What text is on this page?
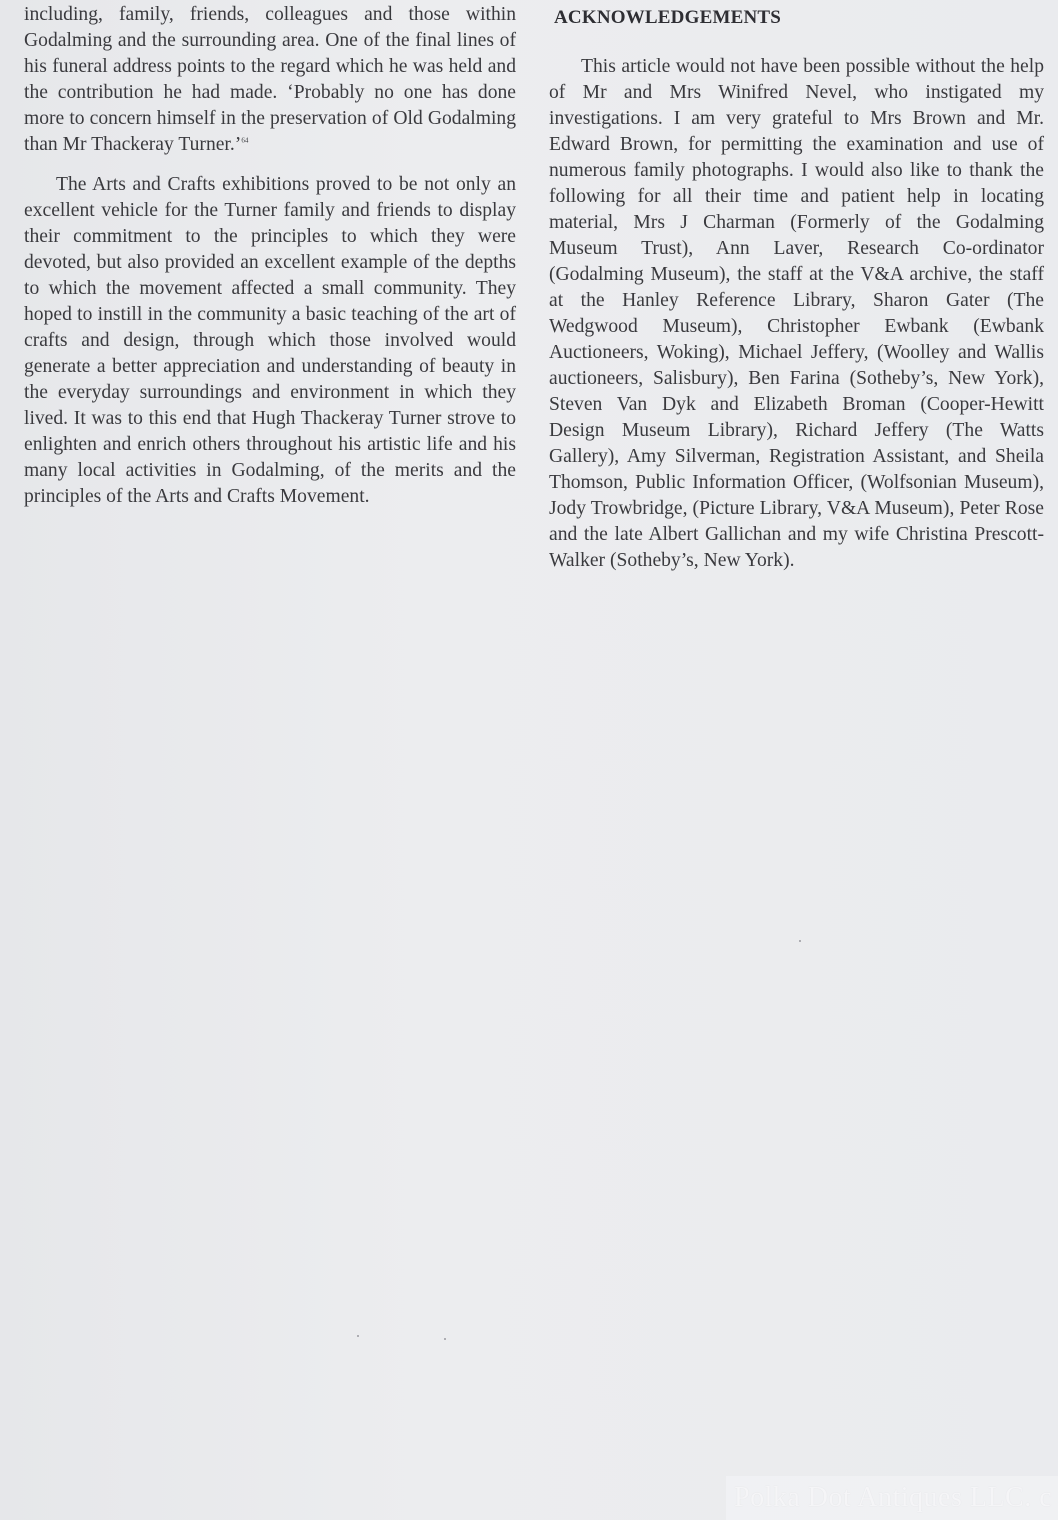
including, family, friends, colleagues and those within Godalming and the surrounding area. One of the final lines of his funeral address points to the regard which he was held and the contribution he had made. ‘Probably no one has done more to concern himself in the preservation of Old Godalming than Mr Thackeray Turner.’$^{64}$

The Arts and Crafts exhibitions proved to be not only an excellent vehicle for the Turner family and friends to display their commitment to the principles to which they were devoted, but also provided an excellent example of the depths to which the movement affected a small community. They hoped to instill in the community a basic teaching of the art of crafts and design, through which those involved would generate a better appreciation and understanding of beauty in the everyday surroundings and environment in which they lived. It was to this end that Hugh Thackeray Turner strove to enlighten and enrich others throughout his artistic life and his many local activities in Godalming, of the merits and the principles of the Arts and Crafts Movement.

ACKNOWLEDGEMENTS

This article would not have been possible without the help of Mr and Mrs Winifred Nevel, who instigated my investigations. I am very grateful to Mrs Brown and Mr. Edward Brown, for permitting the examination and use of numerous family photographs. I would also like to thank the following for all their time and patient help in locating material, Mrs J Charman (Formerly of the Godalming Museum Trust), Ann Laver, Research Co-ordinator (Godalming Museum), the staff at the V&A archive, the staff at the Hanley Reference Library, Sharon Gater (The Wedgwood Museum), Christopher Ewbank (Ewbank Auctioneers, Woking), Michael Jeffery, (Woolley and Wallis auctioneers, Salisbury), Ben Farina (Sotheby’s, New York), Steven Van Dyk and Elizabeth Broman (Cooper-Hewitt Design Museum Library), Richard Jeffery (The Watts Gallery), Amy Silverman, Registration Assistant, and Sheila Thomson, Public Information Officer, (Wolfsonian Museum), Jody Trowbridge, (Picture Library, V&A Museum), Peter Rose and the late Albert Gallichan and my wife Christina Prescott-Walker (Sotheby’s, New York).

Polka Dot Antiques LLC. c
